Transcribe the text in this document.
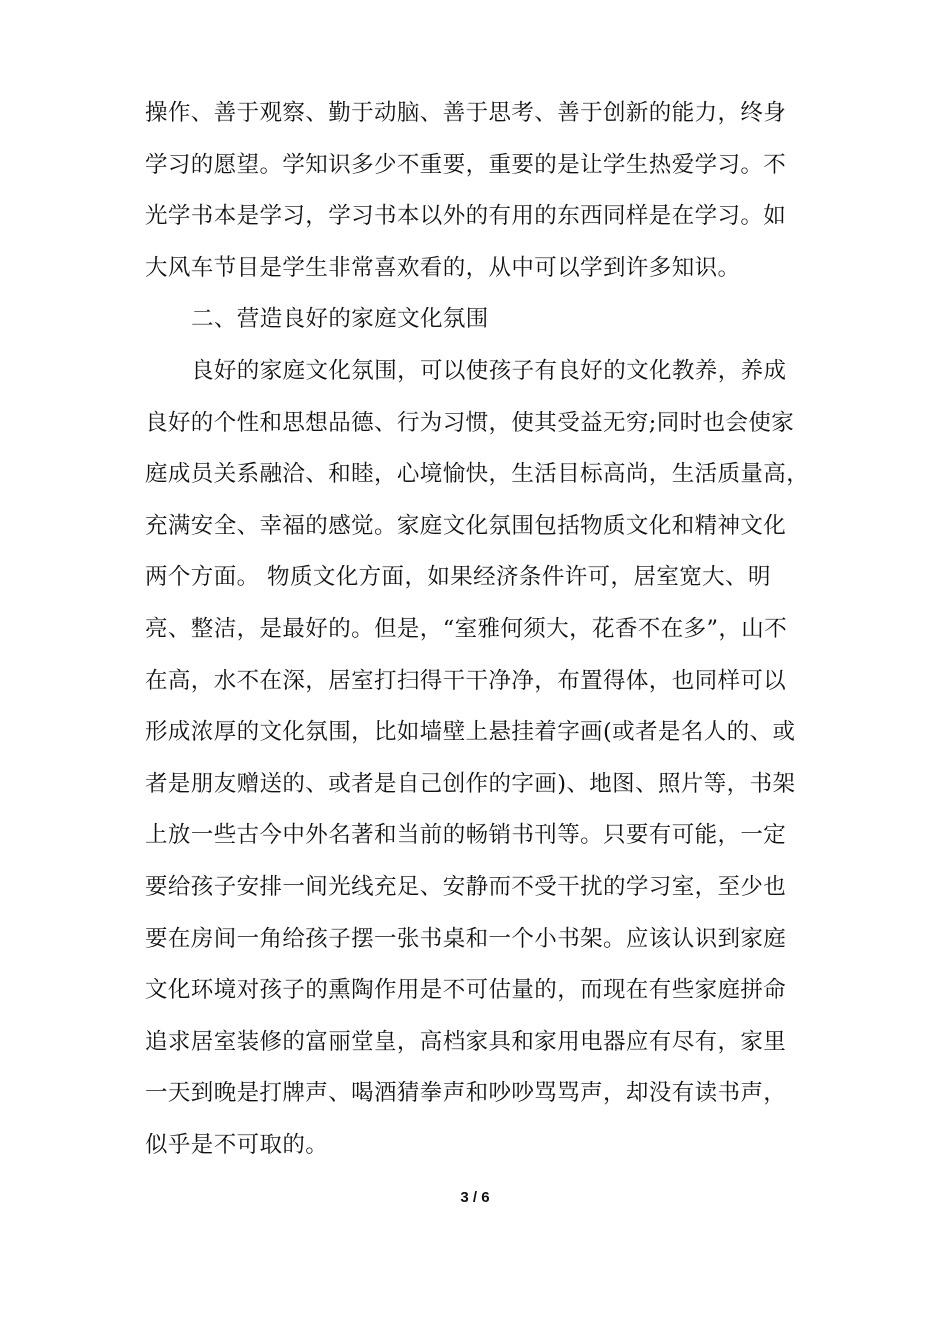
操作、善于观察、勤于动脑、善于思考、善于创新的能力，终身
学习的愿望。学知识多少不重要，重要的是让学生热爱学习。不
光学书本是学习，学习书本以外的有用的东西同样是在学习。如
大风车节目是学生非常喜欢看的，从中可以学到许多知识。
二、营造良好的家庭文化氛围
良好的家庭文化氛围，可以使孩子有良好的文化教养，养成
良好的个性和思想品德、行为习惯，使其受益无穷;同时也会使家
庭成员关系融洽、和睦，心境愉快，生活目标高尚，生活质量高，
充满安全、幸福的感觉。家庭文化氛围包括物质文化和精神文化
两个方面。 物质文化方面，如果经济条件许可，居室宽大、明
亮、整洁，是最好的。但是，“室雅何须大，花香不在多”，山不
在高，水不在深，居室打扫得干干净净，布置得体，也同样可以
形成浓厚的文化氛围，比如墙壁上悬挂着字画(或者是名人的、或
者是朋友赠送的、或者是自己创作的字画)、地图、照片等，书架
上放一些古今中外名著和当前的畅销书刊等。只要有可能，一定
要给孩子安排一间光线充足、安静而不受干扰的学习室，至少也
要在房间一角给孩子摆一张书桌和一个小书架。应该认识到家庭
文化环境对孩子的熏陶作用是不可估量的，而现在有些家庭拼命
追求居室装修的富丽堂皇，高档家具和家用电器应有尽有，家里
一天到晚是打牌声、喝酒猜拳声和吵吵骂骂声，却没有读书声，
似乎是不可取的。
3 / 6
